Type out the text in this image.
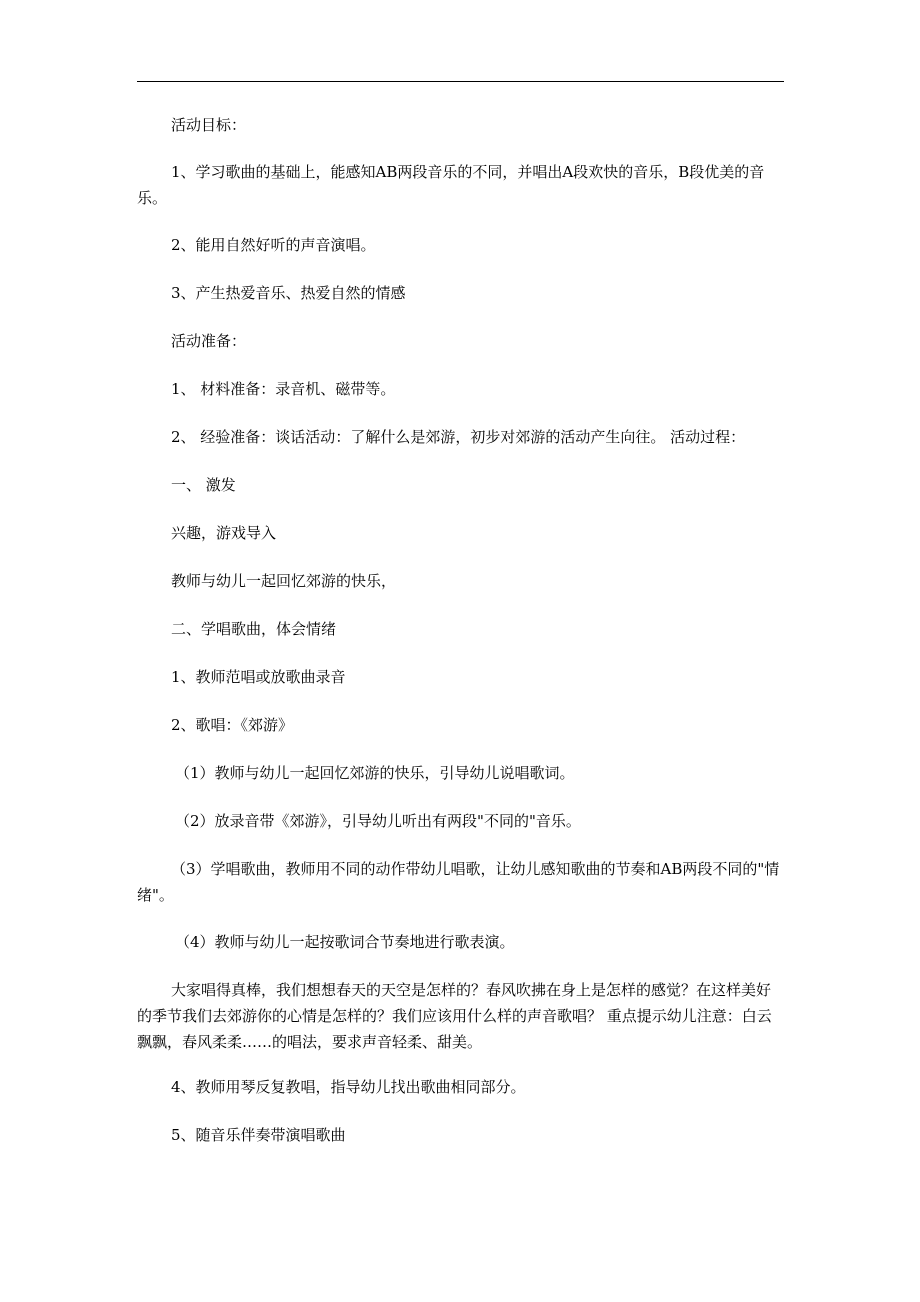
活动目标：

1、学习歌曲的基础上，能感知AB两段音乐的不同，并唱出A段欢快的音乐，B段优美的音乐。

2、能用自然好听的声音演唱。

3、产生热爱音乐、热爱自然的情感

活动准备：

1、 材料准备：录音机、磁带等。

2、 经验准备：谈话活动：了解什么是郊游，初步对郊游的活动产生向往。 活动过程：

一、 激发

兴趣，游戏导入

教师与幼儿一起回忆郊游的快乐，

二、学唱歌曲，体会情绪

1、教师范唱或放歌曲录音

2、歌唱：《郊游》

（1）教师与幼儿一起回忆郊游的快乐，引导幼儿说唱歌词。

（2）放录音带《郊游》，引导幼儿听出有两段"不同的"音乐。

（3）学唱歌曲，教师用不同的动作带幼儿唱歌，让幼儿感知歌曲的节奏和AB两段不同的"情绪"。

（4）教师与幼儿一起按歌词合节奏地进行歌表演。

大家唱得真棒，我们想想春天的天空是怎样的？春风吹拂在身上是怎样的感觉？在这样美好的季节我们去郊游你的心情是怎样的？我们应该用什么样的声音歌唱？ 重点提示幼儿注意：白云飘飘，春风柔柔……的唱法，要求声音轻柔、甜美。

4、教师用琴反复教唱，指导幼儿找出歌曲相同部分。

5、随音乐伴奏带演唱歌曲
